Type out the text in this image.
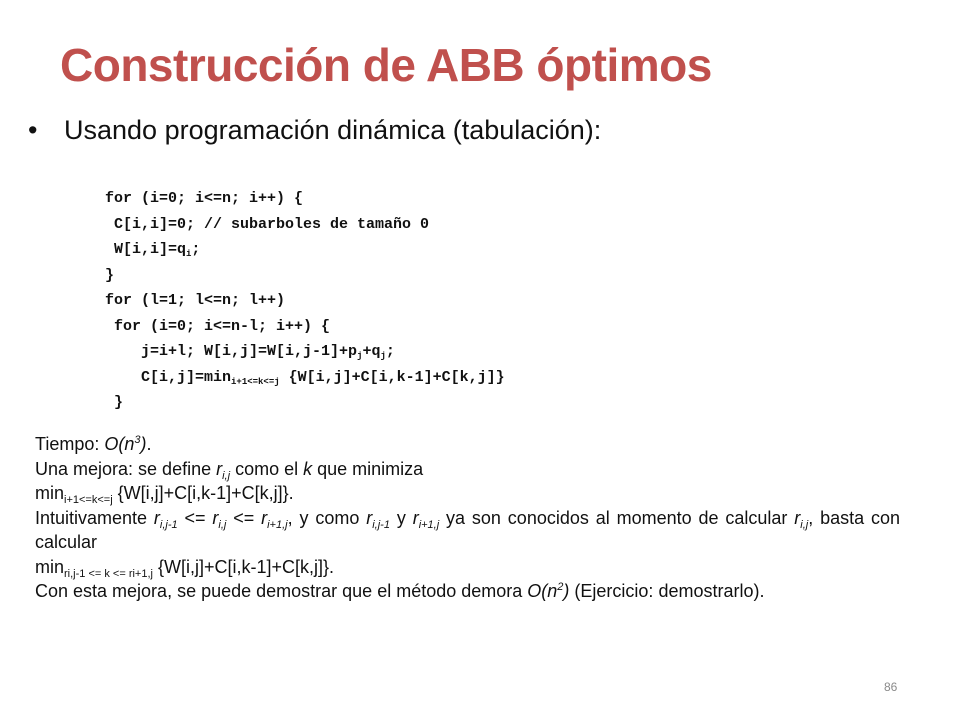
Construcción de ABB óptimos
• Usando programación dinámica (tabulación):
for (i=0; i<=n; i++) {
C[i,i]=0; // subarboles de tamaño 0
$W[i,i]=q_i$;
}
for (l=1; l<=n; l++)
for (i=0; i<=n-l; i++) {
j=i+l; $W[i,j]=W[i,j-1]+p_j+q_j$;
$C[i,j]=\min_{i+1<=k<=j}$ {W[i,j]+C[i,k-1]+C[k,j]}
}

Tiempo: $O(n^3)$.

Una mejora: se define $r_{i,j}$ como el k que minimiza

$\min_{i+1<=k<=j} \{W[i,j]+C[i,k-1]+C[k,j]\}$.

Intuitivamente $r_{i,j-1} <= r_{i,j} <= r_{i+1,j}$, y como $r_{i,j-1}$ y $r_{i+1,j}$ ya son conocidos al momento de calcular $r_{i,j}$, basta con calcular

$\min_{ri,j-1 <= k <= ri+1,j} \{W[i,j]+C[i,k-1]+C[k,j]\}$.

Con esta mejora, se puede demostrar que el método demora $O(n^2)$ (Ejercicio: demostrarlo).

86
